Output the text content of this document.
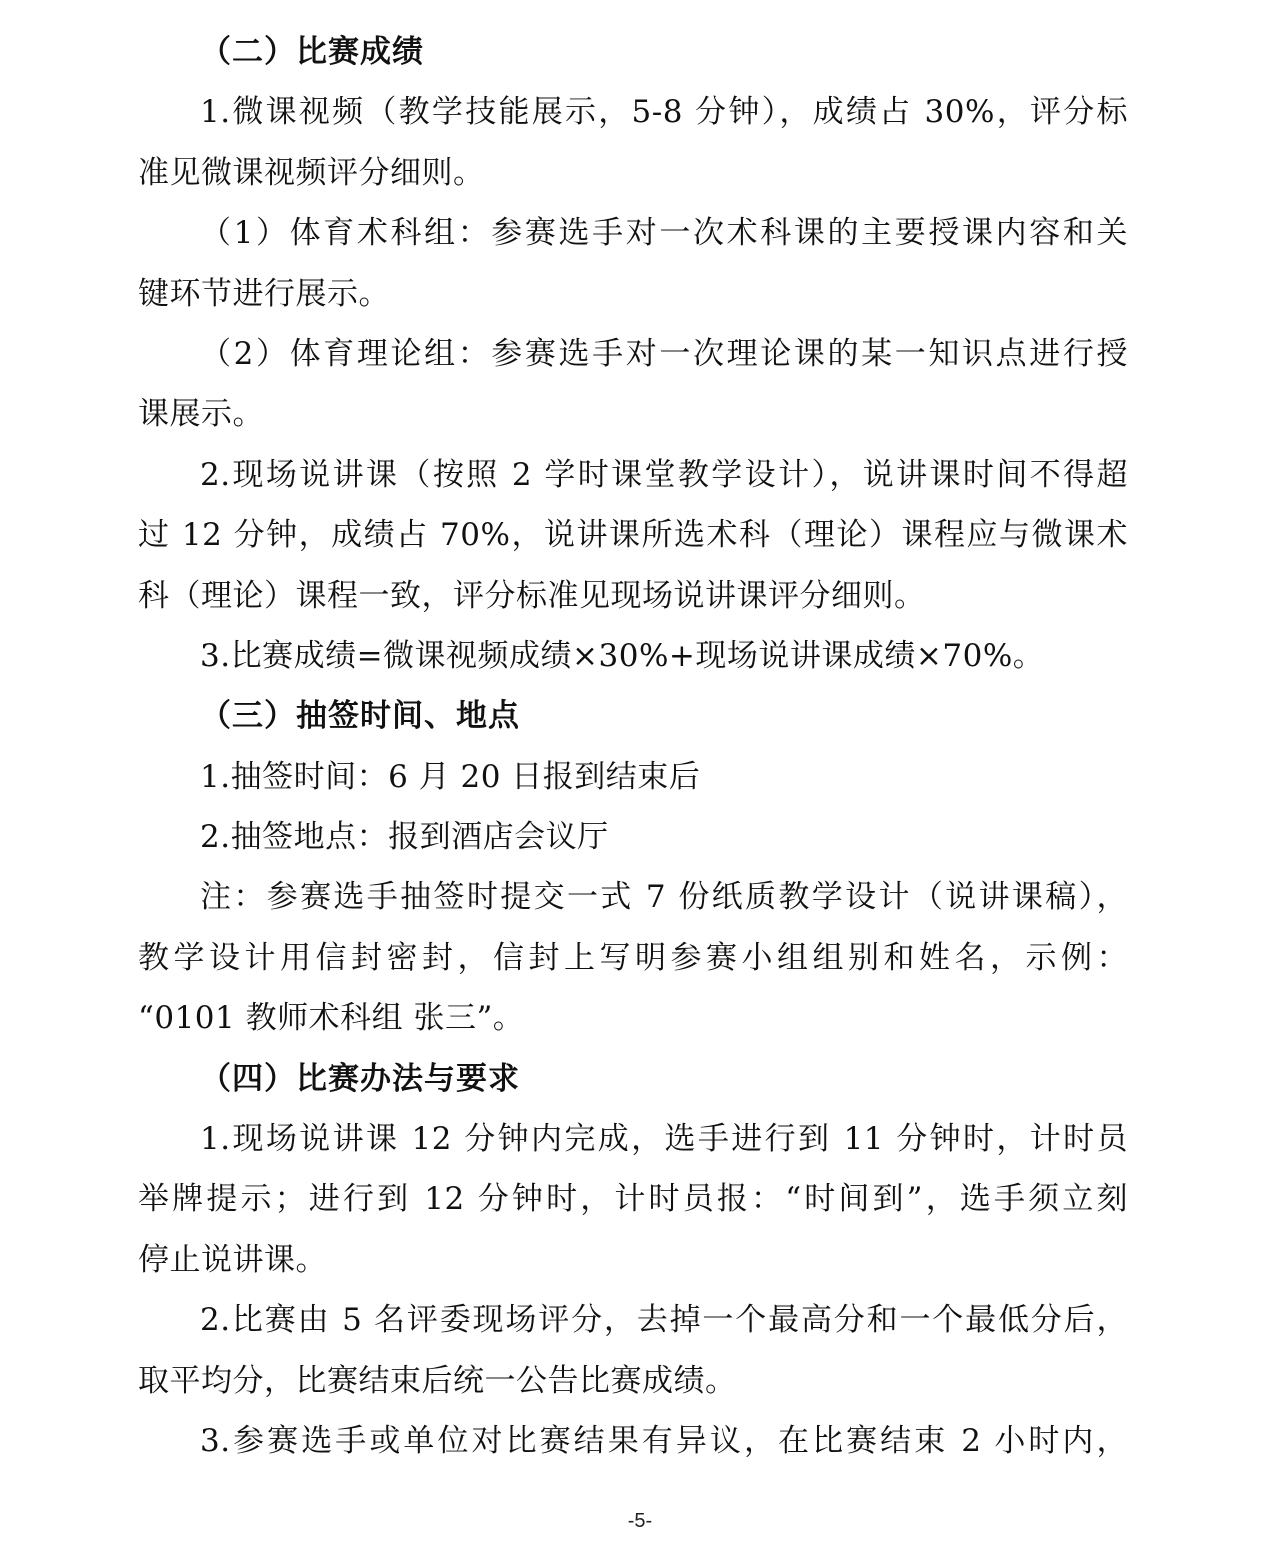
（二）比赛成绩
1.微课视频（教学技能展示，5-8 分钟），成绩占 30%，评分标
准见微课视频评分细则。
（1）体育术科组：参赛选手对一次术科课的主要授课内容和关
键环节进行展示。
（2）体育理论组：参赛选手对一次理论课的某一知识点进行授
课展示。
2.现场说讲课（按照 2 学时课堂教学设计），说讲课时间不得超
过 12 分钟，成绩占 70%，说讲课所选术科（理论）课程应与微课术
科（理论）课程一致，评分标准见现场说讲课评分细则。
3.比赛成绩=微课视频成绩×30%+现场说讲课成绩×70%。
（三）抽签时间、地点
1.抽签时间：6 月 20 日报到结束后
2.抽签地点：报到酒店会议厅
注：参赛选手抽签时提交一式 7 份纸质教学设计（说讲课稿），
教学设计用信封密封，信封上写明参赛小组组别和姓名，示例：
“0101 教师术科组 张三”。
（四）比赛办法与要求
1.现场说讲课 12 分钟内完成，选手进行到 11 分钟时，计时员
举牌提示；进行到 12 分钟时，计时员报：“时间到”，选手须立刻
停止说讲课。
2.比赛由 5 名评委现场评分，去掉一个最高分和一个最低分后，
取平均分，比赛结束后统一公告比赛成绩。
3.参赛选手或单位对比赛结果有异议，在比赛结束 2 小时内，
-5-
